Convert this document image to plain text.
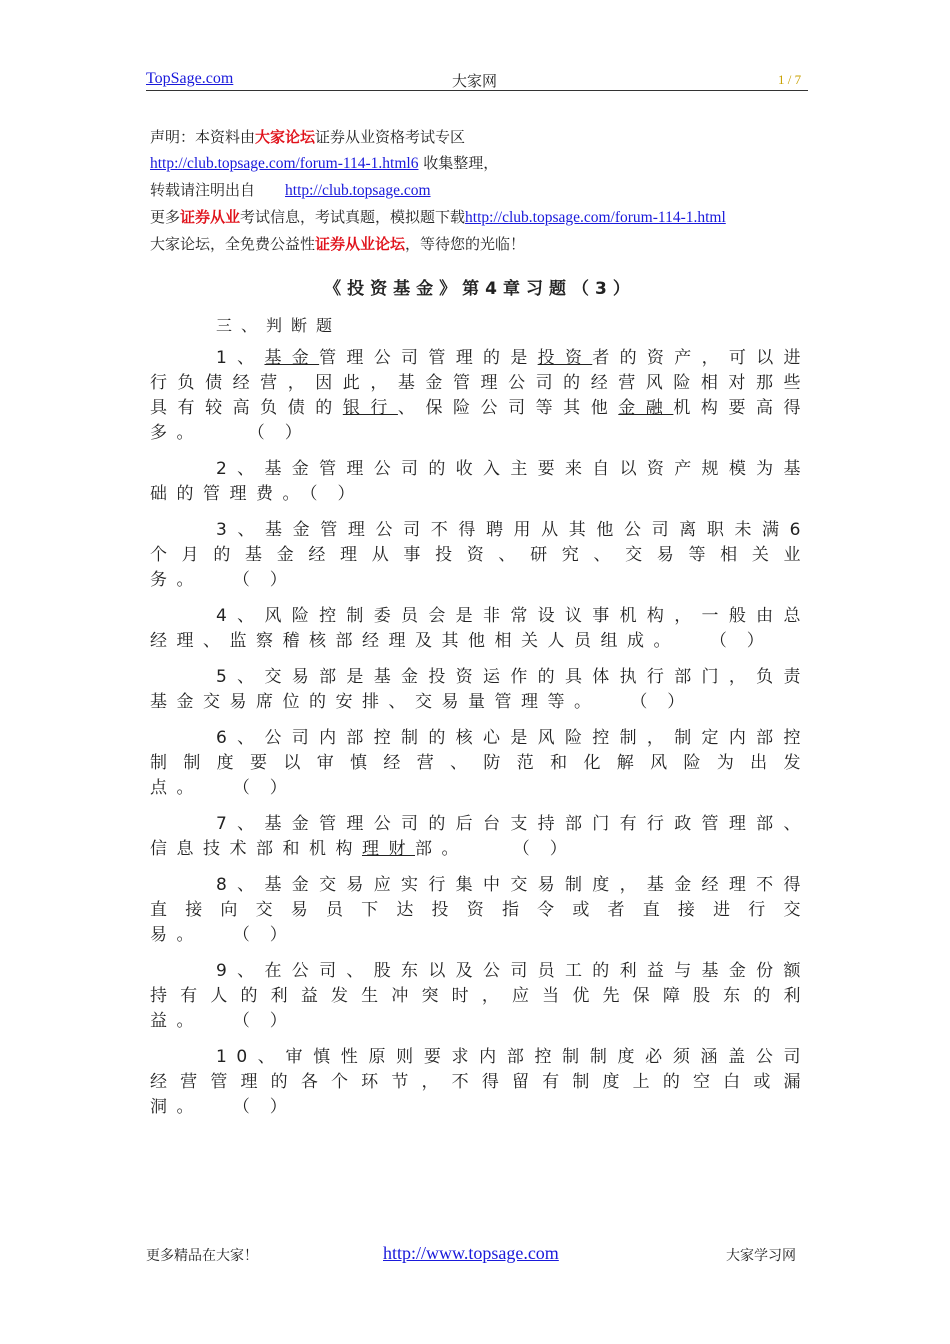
TopSage.com	大家网	1 / 7
声明：本资料由大家论坛证券从业资格考试专区
http://club.topsage.com/forum-114-1.html6 收集整理，
转载请注明出自 http://club.topsage.com
更多证券从业考试信息，考试真题，模拟题下载http://club.topsage.com/forum-114-1.html
大家论坛，全免费公益性证券从业论坛，等待您的光临！
《投资基金》第4章习题（3）
三、判断题

1、基金管理公司管理的是投资者的资产，可以进行负债经营，因此，基金管理公司的经营风险相对那些具有较高负债的银行、保险公司等其他金融机构要高得多。	（）

2、基金管理公司的收入主要来自以资产规模为基础的管理费。（）

3、基金管理公司不得聘用从其他公司离职未满6个月的基金经理从事投资、研究、交易等相关业务。 （）

4、风险控制委员会是非常设议事机构，一般由总经理、监察稽核部经理及其他相关人员组成。 （）

5、交易部是基金投资运作的具体执行部门，负责基金交易席位的安排、交易量管理等。 （）

6、公司内部控制的核心是风险控制，制定内部控制制度要以审慎经营、防范和化解风险为出发点。 （）

7、基金管理公司的后台支持部门有行政管理部、信息技术部和机构理财部。	（）

8、基金交易应实行集中交易制度，基金经理不得直接向交易员下达投资指令或者直接进行交易。 （）

9、在公司、股东以及公司员工的利益与基金份额持有人的利益发生冲突时，应当优先保障股东的利益。 （）

10、审慎性原则要求内部控制制度必须涵盖公司经营管理的各个环节，不得留有制度上的空白或漏洞。 （）

更多精品在大家！	http://www.topsage.com	大家学习网
